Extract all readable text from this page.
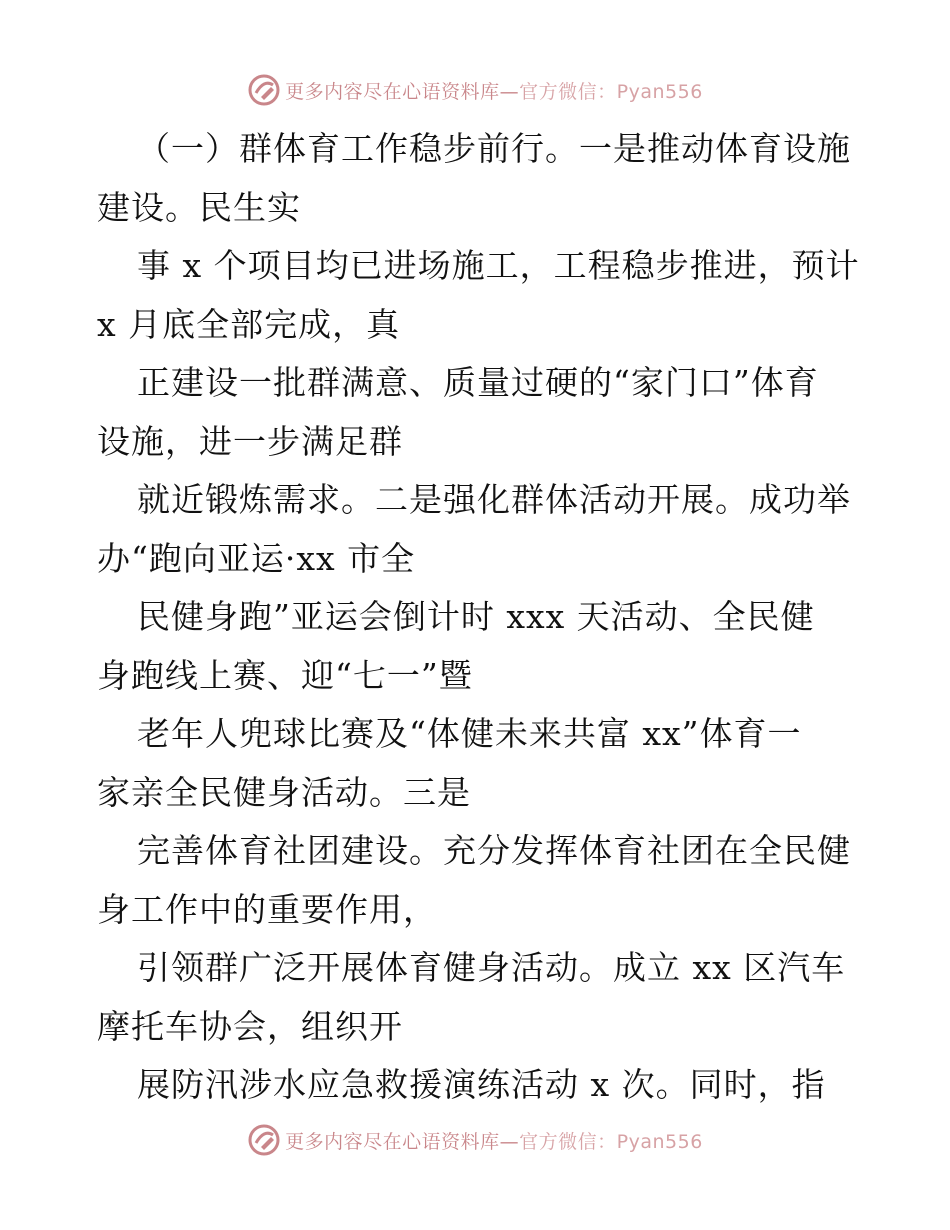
更多内容尽在心语资料库—官方微信：Pyan556
（一）群体育工作稳步前行。一是推动体育设施
建设。民生实
事 x 个项目均已进场施工，工程稳步推进，预计
x 月底全部完成，真
正建设一批群满意、质量过硬的“家门口”体育
设施，进一步满足群
就近锻炼需求。二是强化群体活动开展。成功举
办“跑向亚运·xx 市全
民健身跑”亚运会倒计时 xxx 天活动、全民健
身跑线上赛、迎“七一”暨
老年人兜球比赛及“体健未来共富 xx”体育一
家亲全民健身活动。三是
完善体育社团建设。充分发挥体育社团在全民健
身工作中的重要作用，
引领群广泛开展体育健身活动。成立 xx 区汽车
摩托车协会，组织开
展防汛涉水应急救援演练活动 x 次。同时，指
更多内容尽在心语资料库—官方微信：Pyan556
